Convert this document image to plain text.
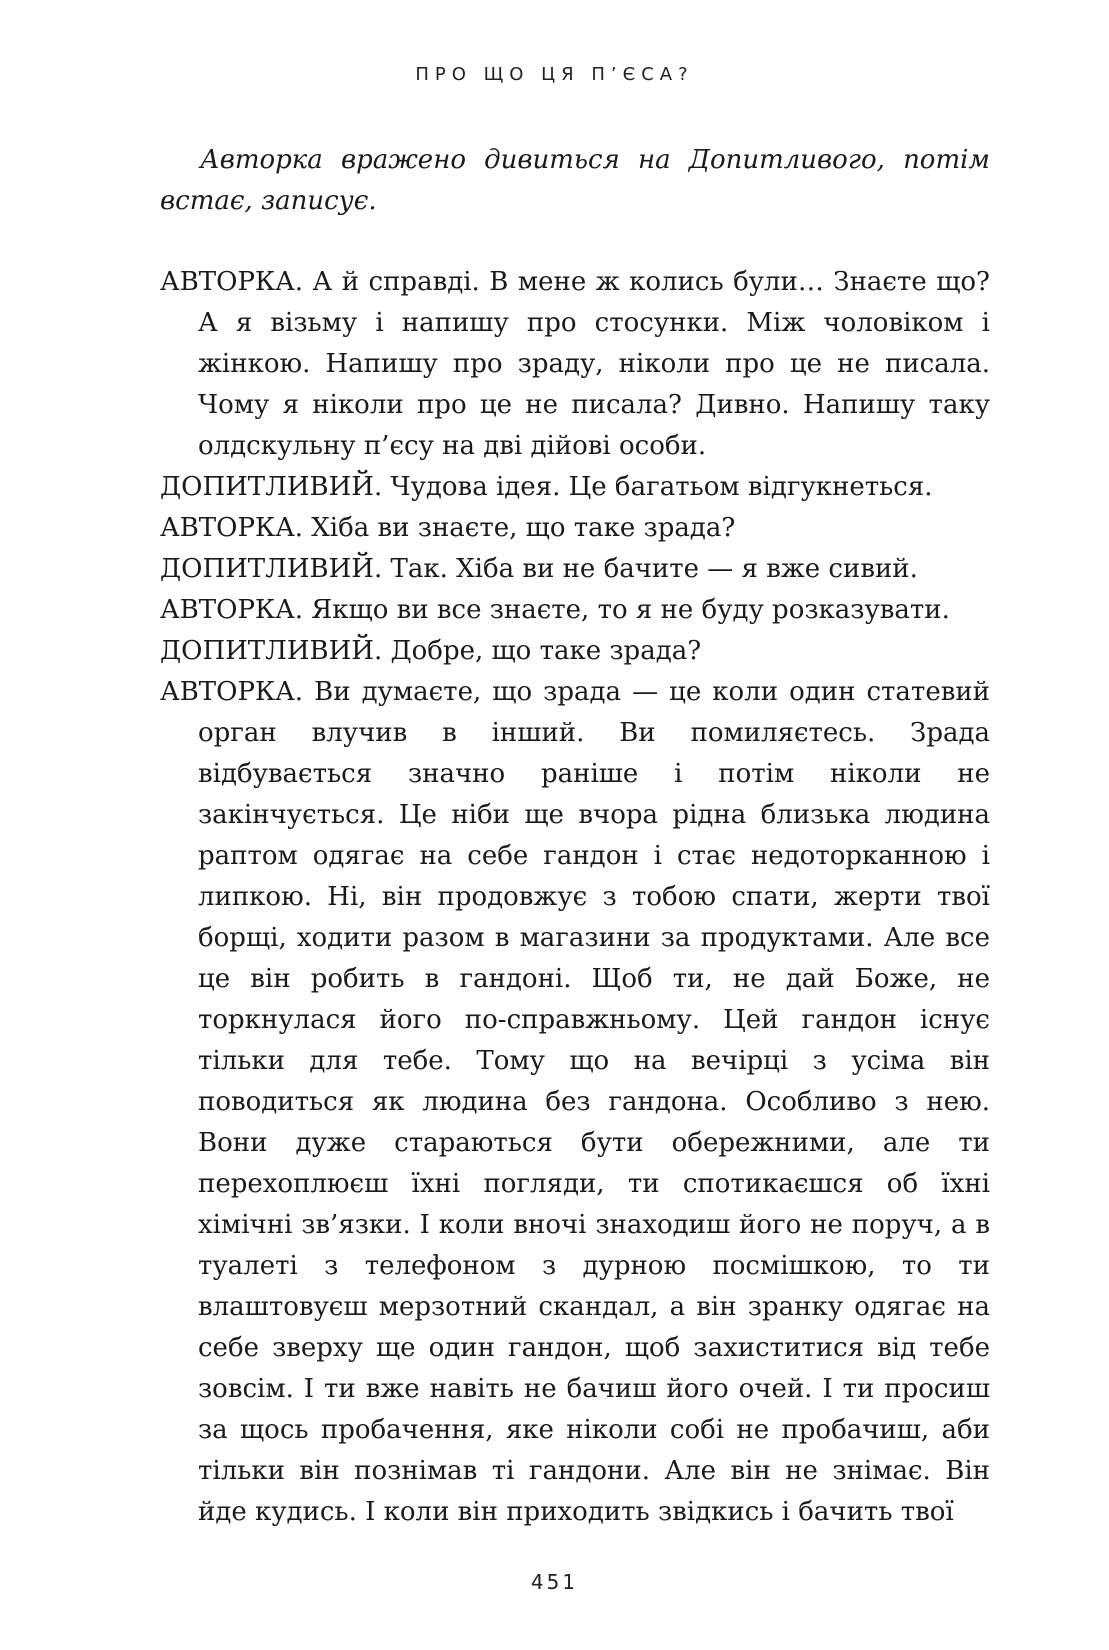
ПРО ЩО ЦЯ П’ЄСА?

Авторка вражено дивиться на Допитливого, потім встає, записує.

АВТОРКА. А й справді. В мене ж колись були… Знаєте що? А я візьму і напишу про стосунки. Між чоловіком і жінкою. Напишу про зраду, ніколи про це не писала. Чому я ніколи про це не писала? Дивно. Напишу таку олдскульну п’єсу на дві дійові особи.

ДОПИТЛИВИЙ. Чудова ідея. Це багатьом відгукнеться.

АВТОРКА. Хіба ви знаєте, що таке зрада?

ДОПИТЛИВИЙ. Так. Хіба ви не бачите — я вже сивий.

АВТОРКА. Якщо ви все знаєте, то я не буду розказувати.

ДОПИТЛИВИЙ. Добре, що таке зрада?

АВТОРКА. Ви думаєте, що зрада — це коли один статевий орган влучив в інший. Ви помиляєтесь. Зрада відбувається значно раніше і потім ніколи не закінчується. Це ніби ще вчора рідна близька людина раптом одягає на себе гандон і стає недоторканною і липкою. Ні, він продовжує з тобою спати, жерти твої борщі, ходити разом в магазини за продуктами. Але все це він робить в гандоні. Щоб ти, не дай Боже, не торкнулася його по-справжньому. Цей гандон існує тільки для тебе. Тому що на вечірці з усіма він поводиться як людина без гандона. Особливо з нею. Вони дуже стараються бути обережними, але ти перехоплюєш їхні погляди, ти спотикаєшся об їхні хімічні зв’язки. І коли вночі знаходиш його не поруч, а в туалеті з телефоном з дурною посмішкою, то ти влаштовуєш мерзотний скандал, а він зранку одягає на себе зверху ще один гандон, щоб захиститися від тебе зовсім. І ти вже навіть не бачиш його очей. І ти просиш за щось пробачення, яке ніколи собі не пробачиш, аби тільки він познімав ті гандони. Але він не знімає. Він йде кудись. І коли він приходить звідкись і бачить твої

451
